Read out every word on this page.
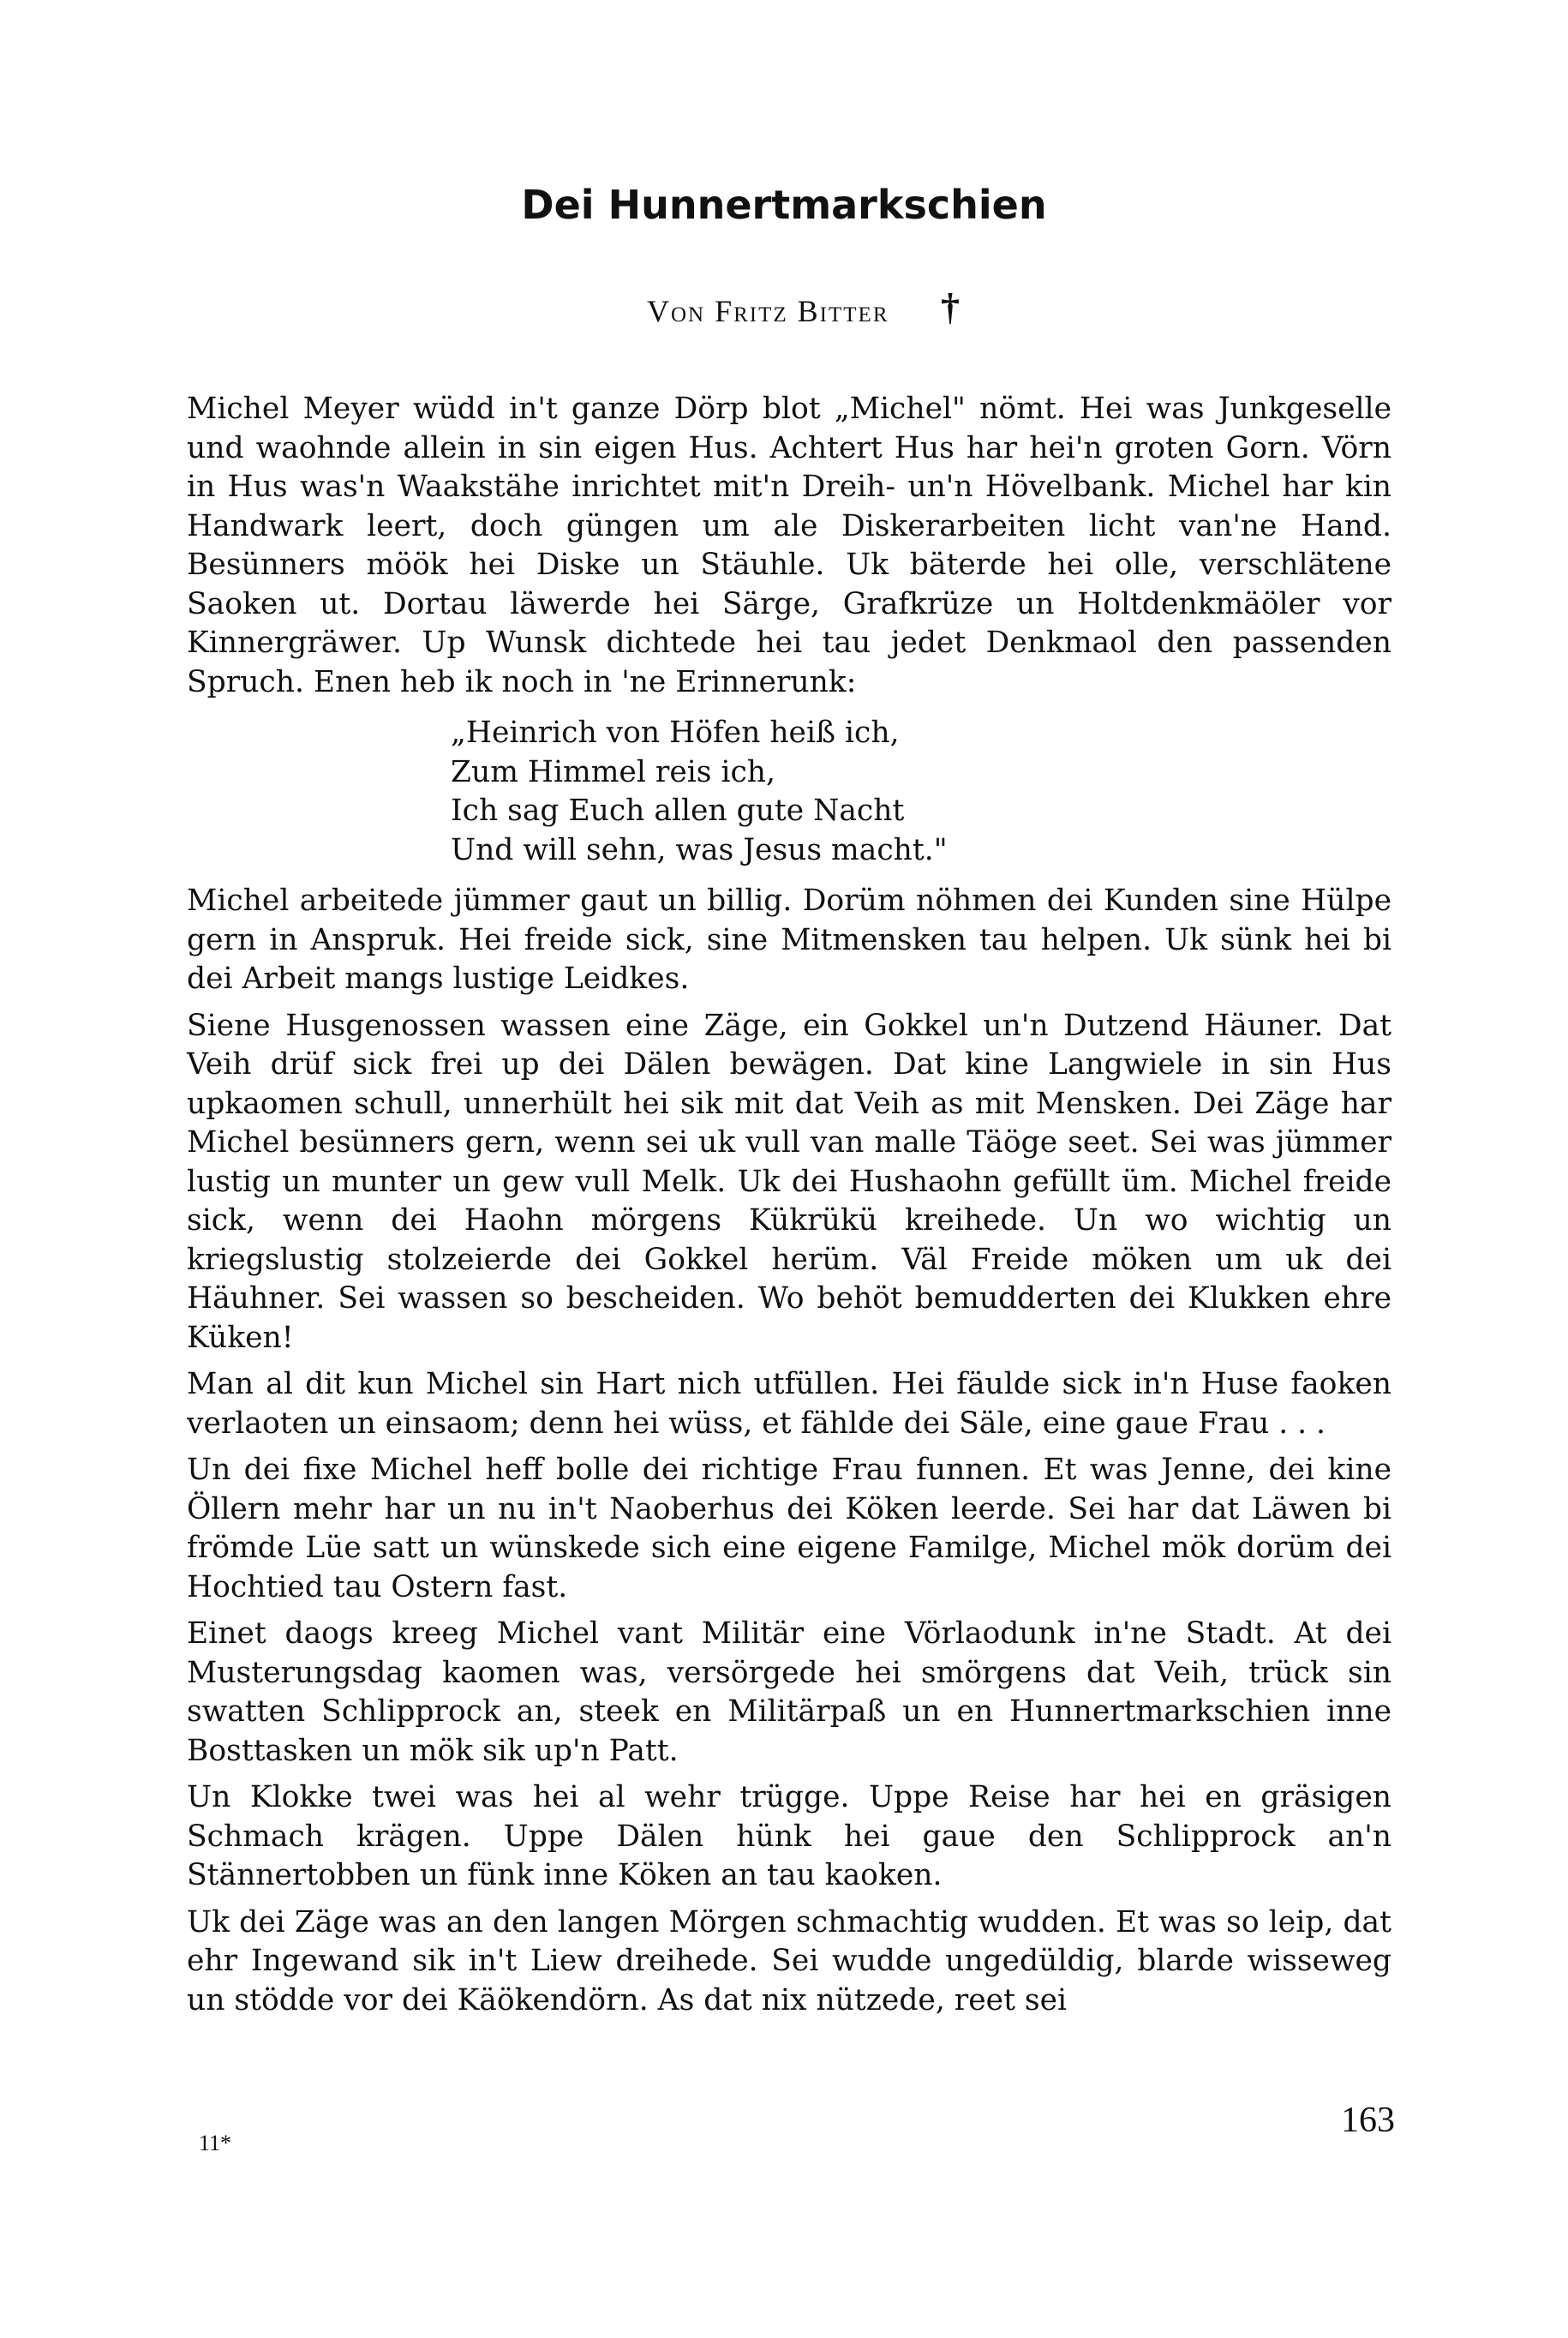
Dei Hunnertmarkschien
Von Fritz Bitter †

Michel Meyer wüdd in't ganze Dörp blot „Michel" nömt. Hei was Junkgeselle und waohnde allein in sin eigen Hus. Achtert Hus har hei'n groten Gorn. Vörn in Hus was'n Waakstähe inrichtet mit'n Dreih- un'n Hövelbank. Michel har kin Handwark leert, doch güngen um ale Diskerarbeiten licht van'ne Hand. Besünners möök hei Diske un Stäuhle. Uk bäterde hei olle, verschlätene Saoken ut. Dortau läwerde hei Särge, Grafkrüze un Holtdenkmäöler vor Kinnergräwer. Up Wunsk dichtede hei tau jedet Denkmaol den passenden Spruch. Enen heb ik noch in 'ne Erinnerunk:

„Heinrich von Höfen heiß ich,
Zum Himmel reis ich,
Ich sag Euch allen gute Nacht
Und will sehn, was Jesus macht."

Michel arbeitede jümmer gaut un billig. Dorüm nöhmen dei Kunden sine Hülpe gern in Anspruk. Hei freide sick, sine Mitmensken tau helpen. Uk sünk hei bi dei Arbeit mangs lustige Leidkes.

Siene Husgenossen wassen eine Zäge, ein Gokkel un'n Dutzend Häuner. Dat Veih drüf sick frei up dei Dälen bewägen. Dat kine Langwiele in sin Hus upkaomen schull, unnerhült hei sik mit dat Veih as mit Mensken. Dei Zäge har Michel besünners gern, wenn sei uk vull van malle Täöge seet. Sei was jümmer lustig un munter un gew vull Melk. Uk dei Hushaohn gefüllt üm. Michel freide sick, wenn dei Haohn mörgens Kükrükü kreihede. Un wo wichtig un kriegslustig stolzeierde dei Gokkel herüm. Väl Freide möken um uk dei Häuhner. Sei wassen so bescheiden. Wo behöt bemudderten dei Klukken ehre Küken!

Man al dit kun Michel sin Hart nich utfüllen. Hei fäulde sick in'n Huse faoken verlaoten un einsaom; denn hei wüss, et fählde dei Säle, eine gaue Frau . . .

Un dei fixe Michel heff bolle dei richtige Frau funnen. Et was Jenne, dei kine Öllern mehr har un nu in't Naoberhus dei Köken leerde. Sei har dat Läwen bi frömde Lüe satt un wünskede sich eine eigene Familge, Michel mök dorüm dei Hochtied tau Ostern fast.

Einet daogs kreeg Michel vant Militär eine Vörlaodunk in'ne Stadt. At dei Musterungsdag kaomen was, versörgede hei smörgens dat Veih, trück sin swatten Schlipprock an, steek en Militärpaß un en Hunnertmarkschien inne Bosttasken un mök sik up'n Patt.

Un Klokke twei was hei al wehr trügge. Uppe Reise har hei en gräsigen Schmach krägen. Uppe Dälen hünk hei gaue den Schlipprock an'n Stännertobben un fünk inne Köken an tau kaoken.

Uk dei Zäge was an den langen Mörgen schmachtig wudden. Et was so leip, dat ehr Ingewand sik in't Liew dreihede. Sei wudde ungedüldig, blarde wisseweg un stödde vor dei Käökendörn. As dat nix nützede, reet sei

11*
163
